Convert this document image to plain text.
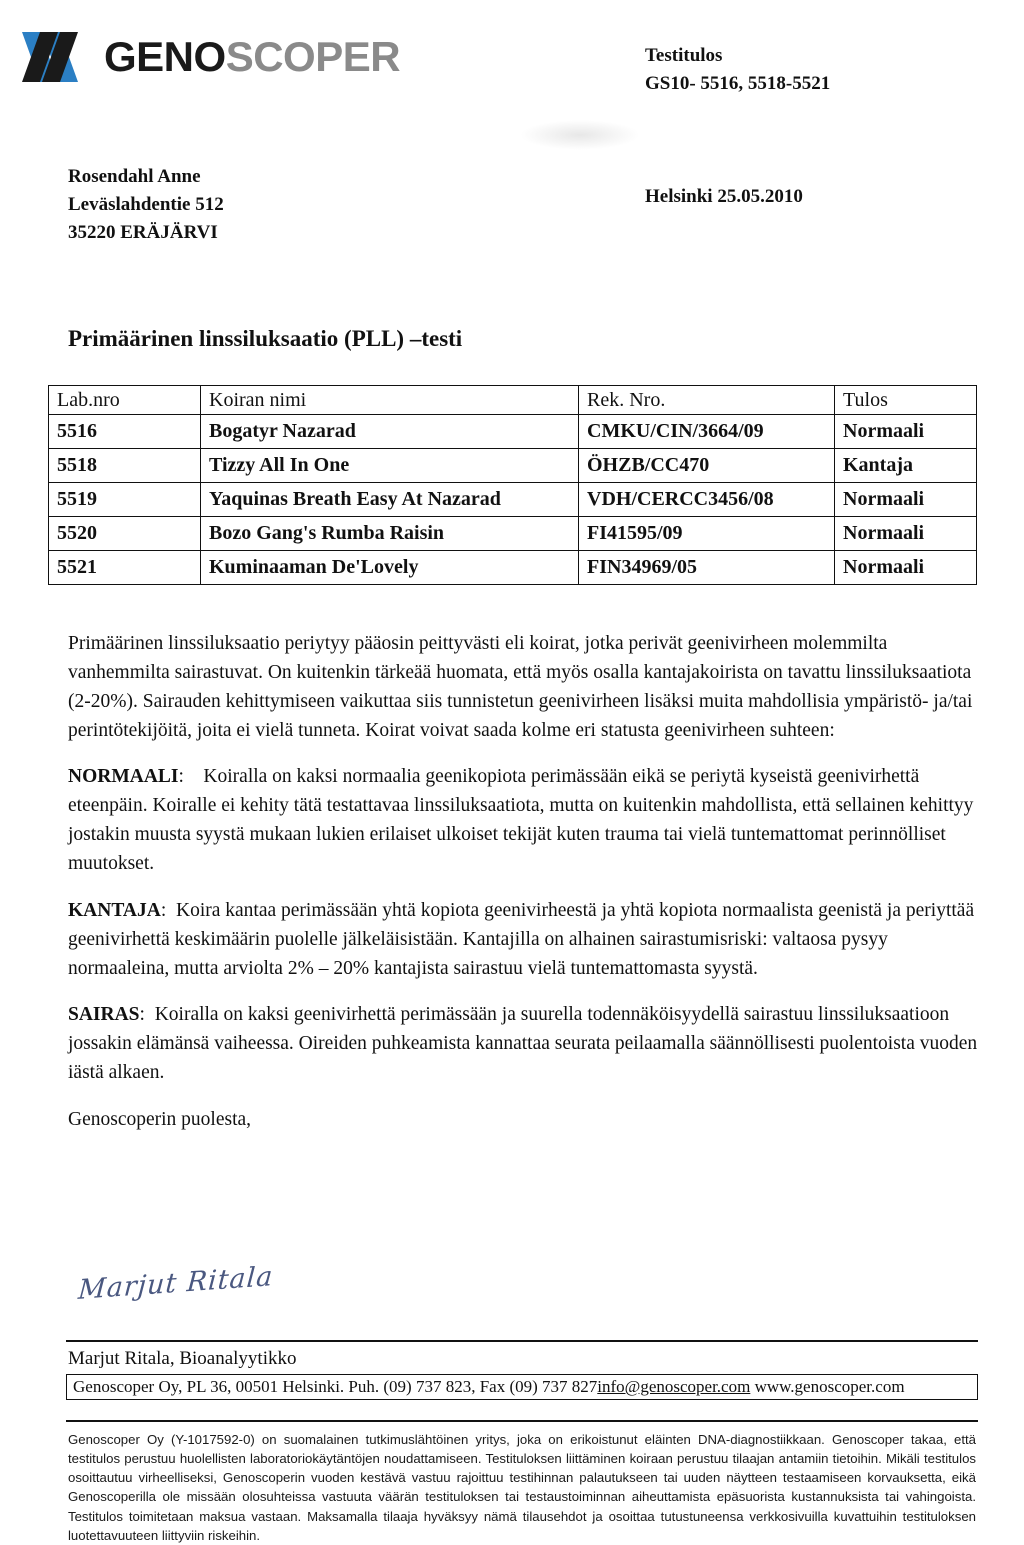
GENOSCOPER	Testitulos
GS10- 5516, 5518-5521
Rosendahl Anne
Leväslahdentie 512
35220 ERÄJÄRVI
Helsinki 25.05.2010
Primäärinen linssiluksaatio (PLL) –testi
Lab.nro	Koiran nimi	Rek. Nro.	Tulos
5516	Bogatyr Nazarad	CMKU/CIN/3664/09	Normaali
5518	Tizzy All In One	ÖHZB/CC470	Kantaja
5519	Yaquinas Breath Easy At Nazarad	VDH/CERCC3456/08	Normaali
5520	Bozo Gang's Rumba Raisin	FI41595/09	Normaali
5521	Kuminaaman De'Lovely	FIN34969/05	Normaali

Primäärinen linssiluksaatio periytyy pääosin peittyvästi eli koirat, jotka perivät geenivirheen molemmilta vanhemmilta sairastuvat. On kuitenkin tärkeää huomata, että myös osalla kantajakoirista on tavattu linssiluksaatiota (2-20%). Sairauden kehittymiseen vaikuttaa siis tunnistetun geenivirheen lisäksi muita mahdollisia ympäristö- ja/tai perintötekijöitä, joita ei vielä tunneta. Koirat voivat saada kolme eri statusta geenivirheen suhteen:

NORMAALI:    Koiralla on kaksi normaalia geenikopiota perimässään eikä se periytä kyseistä geenivirhettä eteenpäin. Koiralle ei kehity tätä testattavaa linssiluksaatiota, mutta on kuitenkin mahdollista, että sellainen kehittyy jostakin muusta syystä mukaan lukien erilaiset ulkoiset tekijät kuten trauma tai vielä tuntemattomat perinnölliset muutokset.

KANTAJA:  Koira kantaa perimässään yhtä kopiota geenivirheestä ja yhtä kopiota normaalista geenistä ja periyttää geenivirhettä keskimäärin puolelle jälkeläisistään. Kantajilla on alhainen sairastumisriski: valtaosa pysyy normaaleina, mutta arviolta 2% – 20% kantajista sairastuu vielä tuntemattomasta syystä.

SAIRAS:  Koiralla on kaksi geenivirhettä perimässään ja suurella todennäköisyydellä sairastuu linssiluksaatioon jossakin elämänsä vaiheessa. Oireiden puhkeamista kannattaa seurata peilaamalla säännöllisesti puolentoista vuoden iästä alkaen.

Genoscoperin puolesta,

Marjut Ritala
Marjut Ritala, Bioanalyytikko
Genoscoper Oy, PL 36, 00501 Helsinki. Puh. (09) 737 823, Fax (09) 737 827info@genoscoper.com www.genoscoper.com
Genoscoper Oy (Y-1017592-0) on suomalainen tutkimuslähtöinen yritys, joka on erikoistunut eläinten DNA-diagnostiikkaan. Genoscoper takaa, että testitulos perustuu huolellisten laboratoriokäytäntöjen noudattamiseen. Testituloksen liittäminen koiraan perustuu tilaajan antamiin tietoihin. Mikäli testitulos osoittautuu virheelliseksi, Genoscoperin vuoden kestävä vastuu rajoittuu testihinnan palautukseen tai uuden näytteen testaamiseen korvauksetta, eikä Genoscoperilla ole missään olosuhteissa vastuuta väärän testituloksen tai testaustoiminnan aiheuttamista epäsuorista kustannuksista tai vahingoista. Testitulos toimitetaan maksua vastaan. Maksamalla tilaaja hyväksyy nämä tilausehdot ja osoittaa tutustuneensa verkkosivuilla kuvattuihin testituloksen luotettavuuteen liittyviin riskeihin.
